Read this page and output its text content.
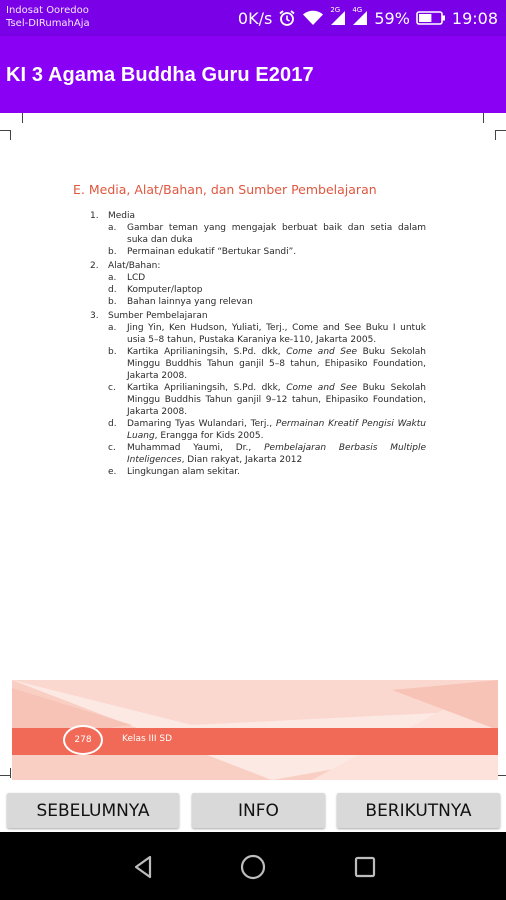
Indosat Ooredoo
Tsel-DIRumahAja	0K/s	2G 4G 59%	19:08
KI 3 Agama Buddha Guru E2017
E. Media, Alat/Bahan, dan Sumber Pembelajaran
1.	Media
a.	Gambar teman yang mengajak berbuat baik dan setia dalam suka dan duka
b.	Permainan edukatif “Bertukar Sandi”.
2.	Alat/Bahan:
a.	LCD
d.	Komputer/laptop
b.	Bahan lainnya yang relevan
3.	Sumber Pembelajaran
a.	Jing Yin, Ken Hudson, Yuliati, Terj., Come and See Buku I untuk usia 5–8 tahun, Pustaka Karaniya ke-110, Jakarta 2005.
b.	Kartika Aprilianingsih, S.Pd. dkk, Come and See Buku Sekolah Minggu Buddhis Tahun ganjil 5–8 tahun, Ehipasiko Foundation, Jakarta 2008.
c.	Kartika Aprilianingsih, S.Pd. dkk, Come and See Buku Sekolah Minggu Buddhis Tahun ganjil 9–12 tahun, Ehipasiko Foundation, Jakarta 2008.
d.	Damaring Tyas Wulandari, Terj., Permainan Kreatif Pengisi Waktu Luang, Erangga for Kids 2005.
c.	Muhammad Yaumi, Dr., Pembelajaran Berbasis Multiple Inteligences, Dian rakyat, Jakarta 2012
e.	Lingkungan alam sekitar.
278	Kelas III SD
SEBELUMNYA	INFO	BERIKUTNYA
